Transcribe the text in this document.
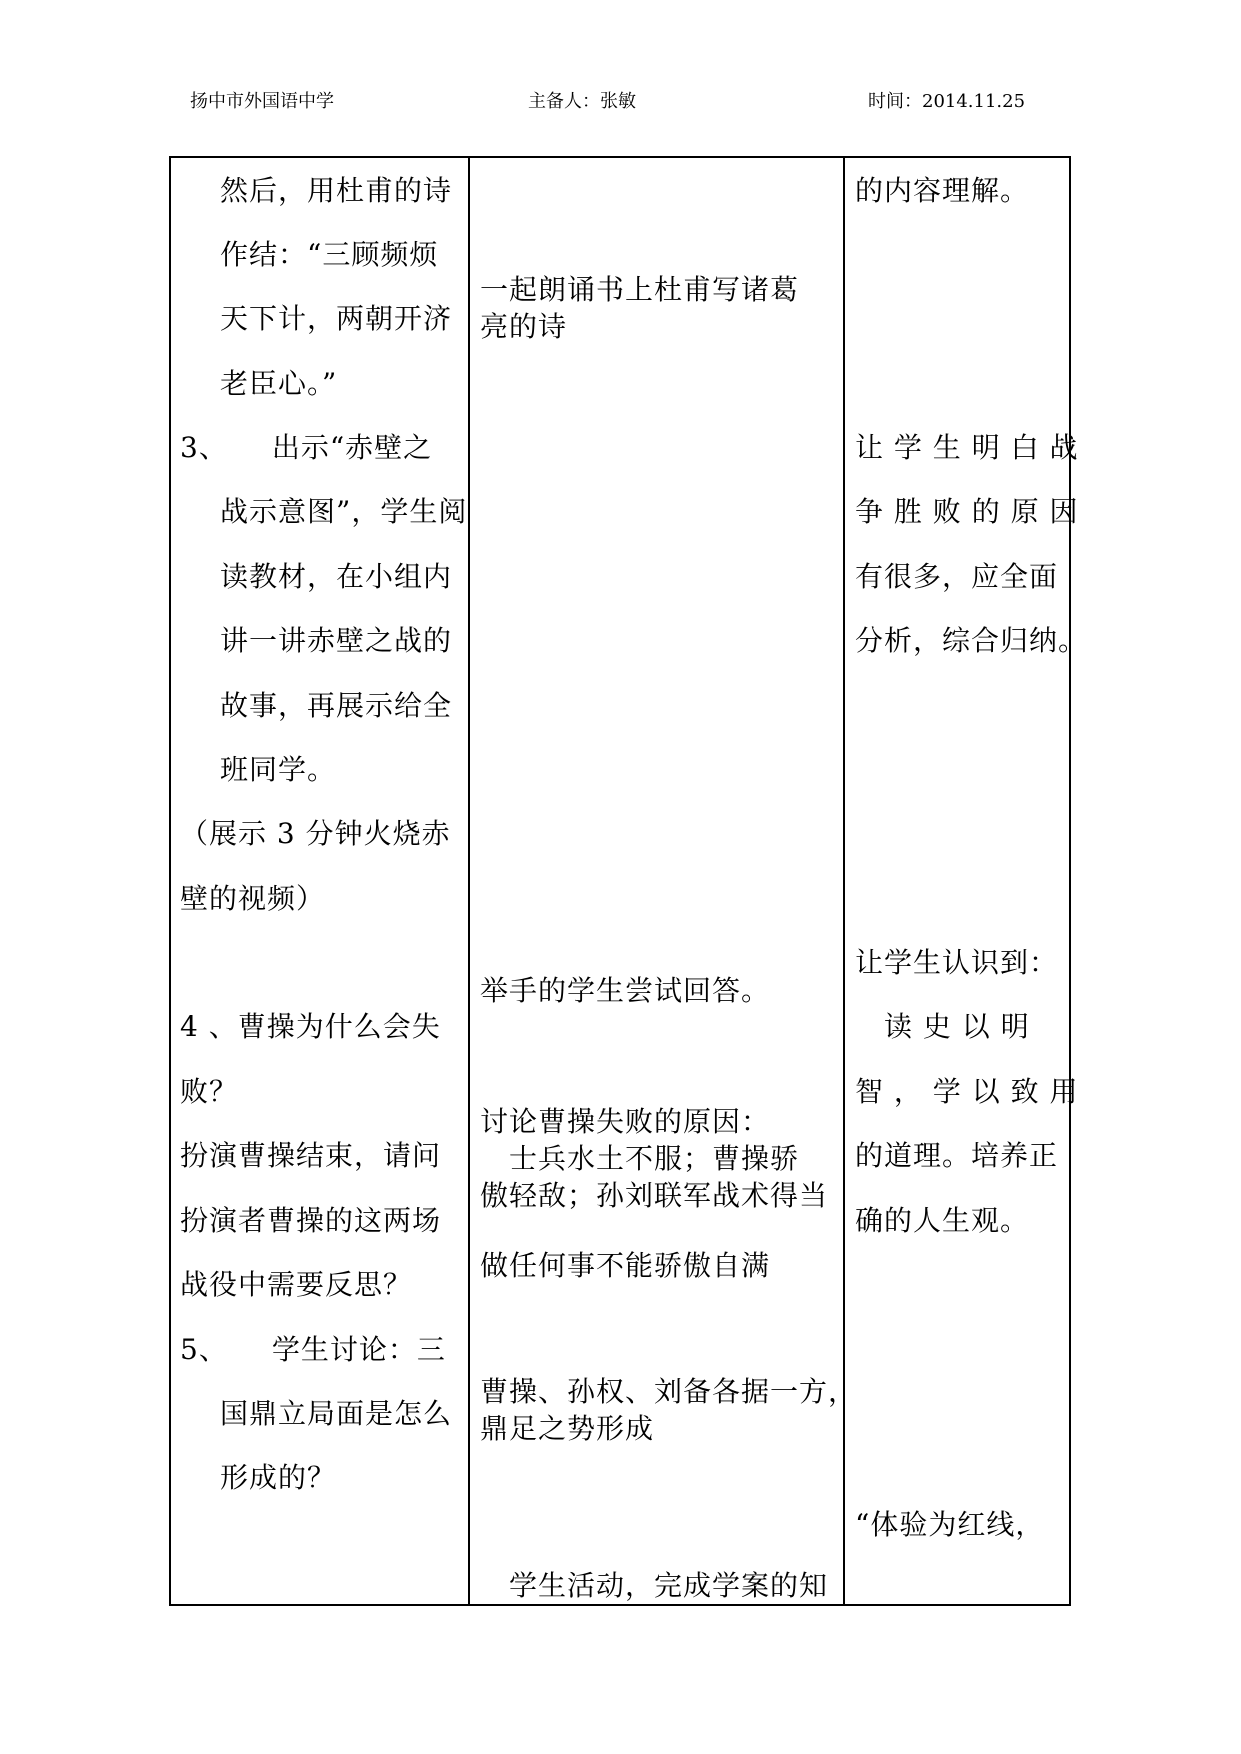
扬中市外国语中学	主备人：张敏	时间：2014.11.25
然后，用杜甫的诗
作结：“三顾频烦
天下计，两朝开济
老臣心。”
3、　　出示“赤壁之
战示意图”，学生阅
读教材，在小组内
讲一讲赤壁之战的
故事，再展示给全
班同学。
（展示 3 分钟火烧赤
壁的视频）
4 、曹操为什么会失
败？
扮演曹操结束，请问
扮演者曹操的这两场
战役中需要反思？
5、　　学生讨论：三
国鼎立局面是怎么
形成的？
一起朗诵书上杜甫写诸葛
亮的诗
举手的学生尝试回答。
讨论曹操失败的原因：
　士兵水土不服；曹操骄
傲轻敌；孙刘联军战术得当
做任何事不能骄傲自满
曹操、孙权、刘备各据一方，
鼎足之势形成
　学生活动，完成学案的知
的内容理解。
让 学 生 明 白 战
争 胜 败 的 原 因
有很多，应全面
分析，综合归纳。
让学生认识到：
　读 史 以 明
智 ， 学 以 致 用
的道理。培养正
确的人生观。
“体验为红线，
